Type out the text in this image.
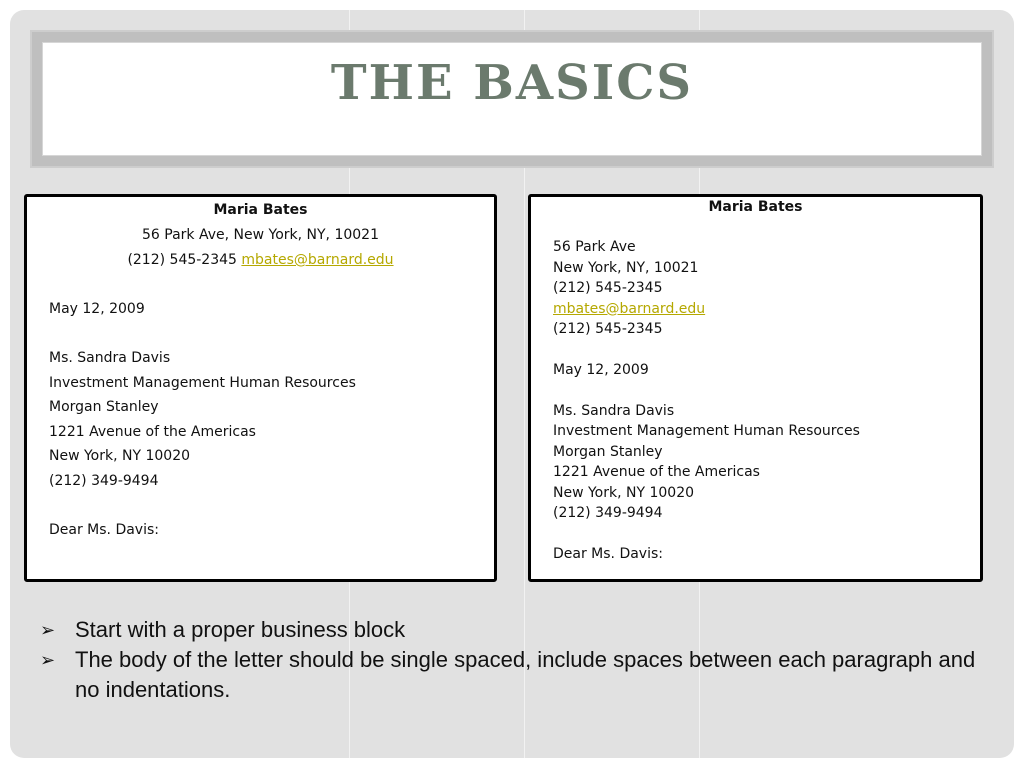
THE BASICS
Maria Bates
56 Park Ave, New York, NY, 10021
(212) 545-2345 mbates@barnard.edu
May 12, 2009
Ms. Sandra Davis
Investment Management Human Resources
Morgan Stanley
1221 Avenue of the Americas
New York, NY 10020
(212) 349-9494
Dear Ms. Davis:
Maria Bates
56 Park Ave
New York, NY, 10021
(212) 545-2345
mbates@barnard.edu
(212) 545-2345
May 12, 2009
Ms. Sandra Davis
Investment Management Human Resources
Morgan Stanley
1221 Avenue of the Americas
New York, NY 10020
(212) 349-9494
Dear Ms. Davis:
➢ Start with a proper business block
➢ The body of the letter should be single spaced, include spaces between each paragraph and no indentations.
